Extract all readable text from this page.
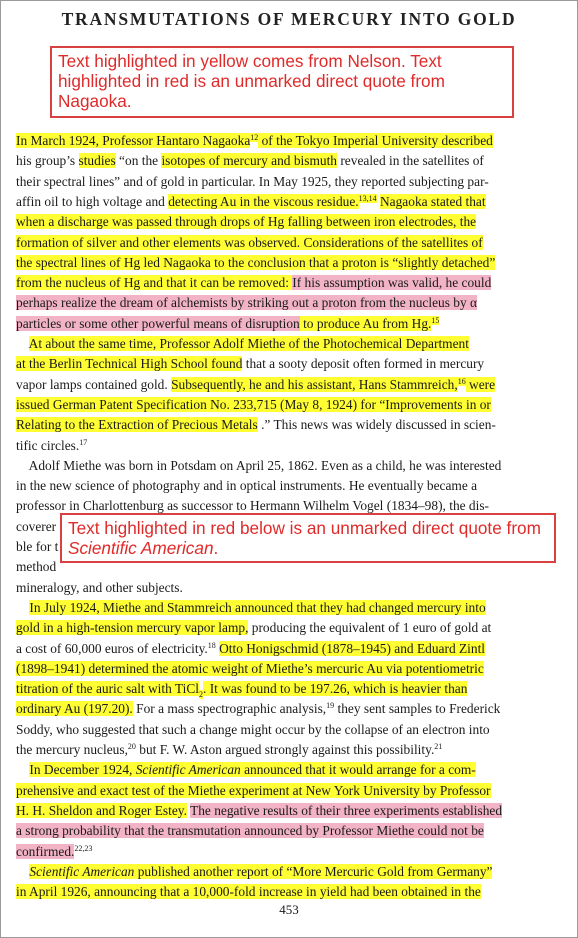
TRANSMUTATIONS OF MERCURY INTO GOLD
Text highlighted in yellow comes from Nelson. Text highlighted in red is an unmarked direct quote from Nagaoka.
In March 1924, Professor Hantaro Nagaoka$^{12}$ of the Tokyo Imperial University described
his group’s studies “on the isotopes of mercury and bismuth revealed in the satellites of
their spectral lines” and of gold in particular. In May 1925, they reported subjecting par-
affin oil to high voltage and detecting Au in the viscous residue.$^{13,14}$ Nagaoka stated that
when a discharge was passed through drops of Hg falling between iron electrodes, the
formation of silver and other elements was observed. Considerations of the satellites of
the spectral lines of Hg led Nagaoka to the conclusion that a proton is “slightly detached”
from the nucleus of Hg and that it can be removed: If his assumption was valid, he could
perhaps realize the dream of alchemists by striking out a proton from the nucleus by α
particles or some other powerful means of disruption to produce Au from Hg.$^{15}$
At about the same time, Professor Adolf Miethe of the Photochemical Department
at the Berlin Technical High School found that a sooty deposit often formed in mercury
vapor lamps contained gold. Subsequently, he and his assistant, Hans Stammreich,$^{16}$ were
issued German Patent Specification No. 233,715 (May 8, 1924) for “Improvements in or
Relating to the Extraction of Precious Metals .” This news was widely discussed in scien-
tific circles.$^{17}$
Adolf Miethe was born in Potsdam on April 25, 1862. Even as a child, he was interested
in the new science of photography and in optical instruments. He eventually became a
professor in Charlottenburg as successor to Hermann Wilhelm Vogel (1834–98), the dis-
coverer
ble for t
method
mineralogy, and other subjects.
In July 1924, Miethe and Stammreich announced that they had changed mercury into
gold in a high-tension mercury vapor lamp, producing the equivalent of 1 euro of gold at
a cost of 60,000 euros of electricity.$^{18}$ Otto Honigschmid (1878–1945) and Eduard Zintl
(1898–1941) determined the atomic weight of Miethe’s mercuric Au via potentiometric
titration of the auric salt with TiCl$_2$. It was found to be 197.26, which is heavier than
ordinary Au (197.20). For a mass spectrographic analysis,$^{19}$ they sent samples to Frederick
Soddy, who suggested that such a change might occur by the collapse of an electron into
the mercury nucleus,$^{20}$ but F. W. Aston argued strongly against this possibility.$^{21}$
In December 1924, Scientific American announced that it would arrange for a com-
prehensive and exact test of the Miethe experiment at New York University by Professor
H. H. Sheldon and Roger Estey. The negative results of their three experiments established
a strong probability that the transmutation announced by Professor Miethe could not be
confirmed.$^{22,23}$
Scientific American published another report of “More Mercuric Gold from Germany”
in April 1926, announcing that a 10,000-fold increase in yield had been obtained in the
Text highlighted in red below is an unmarked direct quote from Scientific American.
453
